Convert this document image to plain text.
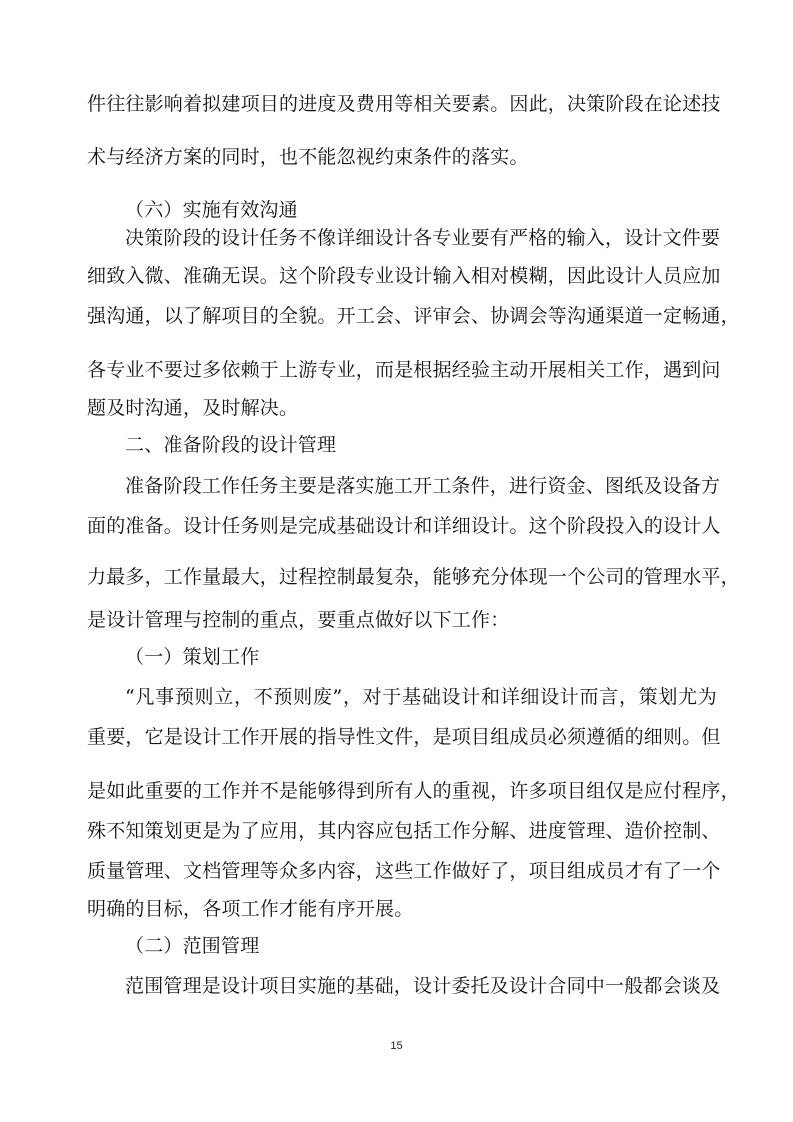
件往往影响着拟建项目的进度及费用等相关要素。因此，决策阶段在论述技
术与经济方案的同时，也不能忽视约束条件的落实。
（六）实施有效沟通
决策阶段的设计任务不像详细设计各专业要有严格的输入，设计文件要
细致入微、准确无误。这个阶段专业设计输入相对模糊，因此设计人员应加
强沟通，以了解项目的全貌。开工会、评审会、协调会等沟通渠道一定畅通，
各专业不要过多依赖于上游专业，而是根据经验主动开展相关工作，遇到问
题及时沟通，及时解决。
二、准备阶段的设计管理
准备阶段工作任务主要是落实施工开工条件，进行资金、图纸及设备方
面的准备。设计任务则是完成基础设计和详细设计。这个阶段投入的设计人
力最多，工作量最大，过程控制最复杂，能够充分体现一个公司的管理水平，
是设计管理与控制的重点，要重点做好以下工作：
（一）策划工作
“凡事预则立，不预则废”，对于基础设计和详细设计而言，策划尤为
重要，它是设计工作开展的指导性文件，是项目组成员必须遵循的细则。但
是如此重要的工作并不是能够得到所有人的重视，许多项目组仅是应付程序，
殊不知策划更是为了应用，其内容应包括工作分解、进度管理、造价控制、
质量管理、文档管理等众多内容，这些工作做好了，项目组成员才有了一个
明确的目标，各项工作才能有序开展。
（二）范围管理
范围管理是设计项目实施的基础，设计委托及设计合同中一般都会谈及
15
